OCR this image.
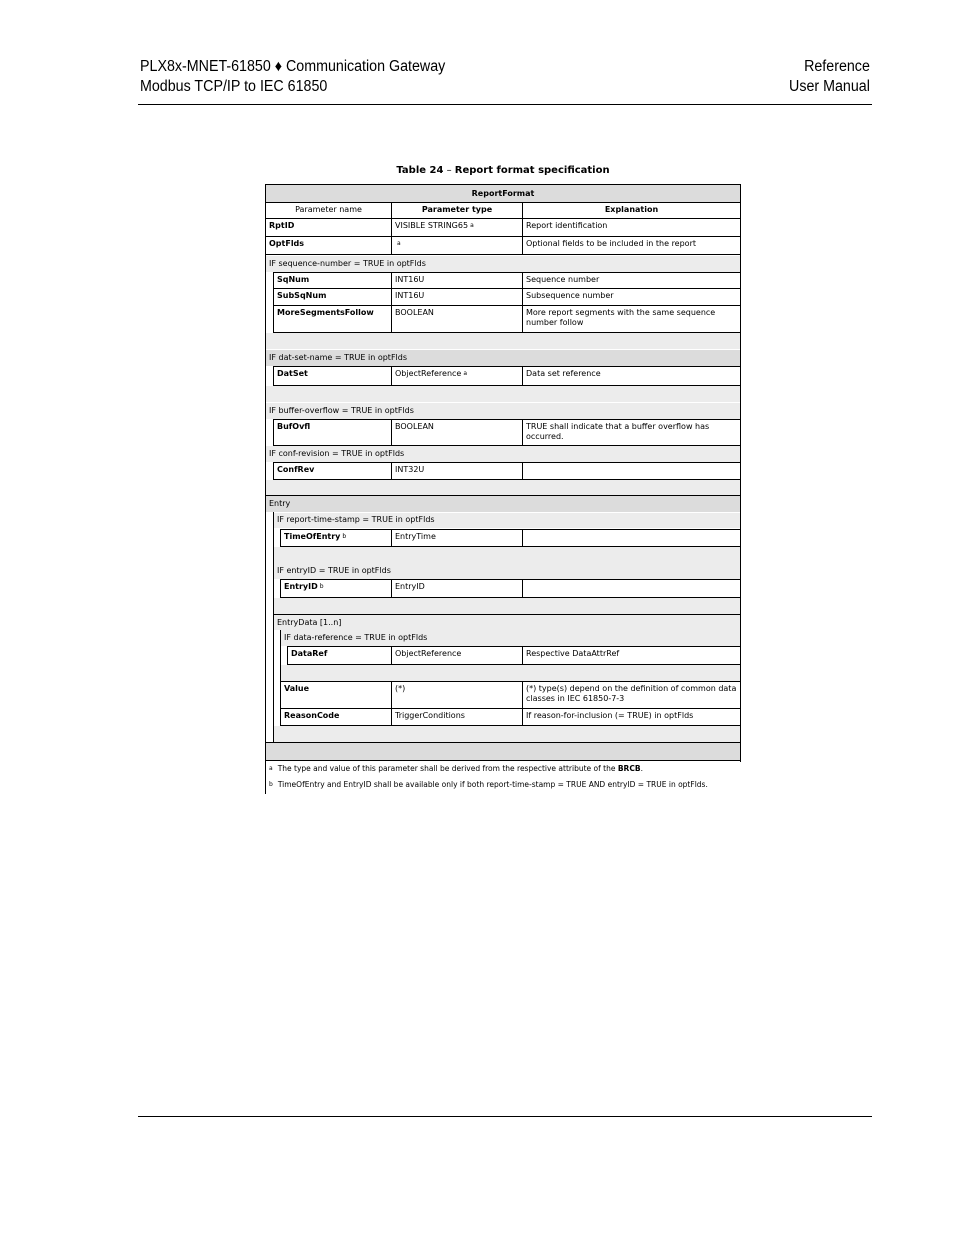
PLX8x-MNET-61850 ♦ Communication Gateway
Modbus TCP/IP to IEC 61850
Reference
User Manual
Table 24 – Report format specification
ReportFormat
Parameter name	Parameter type	Explanation
RptID	VISIBLE STRING65 $^a$	Report identification
OptFlds	$^a$	Optional fields to be included in the report
IF sequence-number = TRUE in optFlds
SqNum	INT16U	Sequence number
SubSqNum	INT16U	Subsequence number
MoreSegmentsFollow	BOOLEAN	More report segments with the same sequence number follow
IF dat-set-name = TRUE in optFlds
DatSet	ObjectReference $^a$	Data set reference
IF buffer-overflow = TRUE in optFlds
BufOvfl	BOOLEAN	TRUE shall indicate that a buffer overflow has occurred.
IF conf-revision = TRUE in optFlds
ConfRev	INT32U
Entry
IF report-time-stamp = TRUE in optFlds
TimeOfEntry $^b$	EntryTime
IF entryID = TRUE in optFlds
EntryID $^b$	EntryID
EntryData [1..n]
IF data-reference = TRUE in optFlds
DataRef	ObjectReference	Respective DataAttrRef
Value	(*)	(*) type(s) depend on the definition of common data classes in IEC 61850-7-3
ReasonCode	TriggerConditions	If reason-for-inclusion (= TRUE) in optFlds
$^a$ The type and value of this parameter shall be derived from the respective attribute of the BRCB.
$^b$ TimeOfEntry and EntryID shall be available only if both report-time-stamp = TRUE AND entryID = TRUE in optFlds.
